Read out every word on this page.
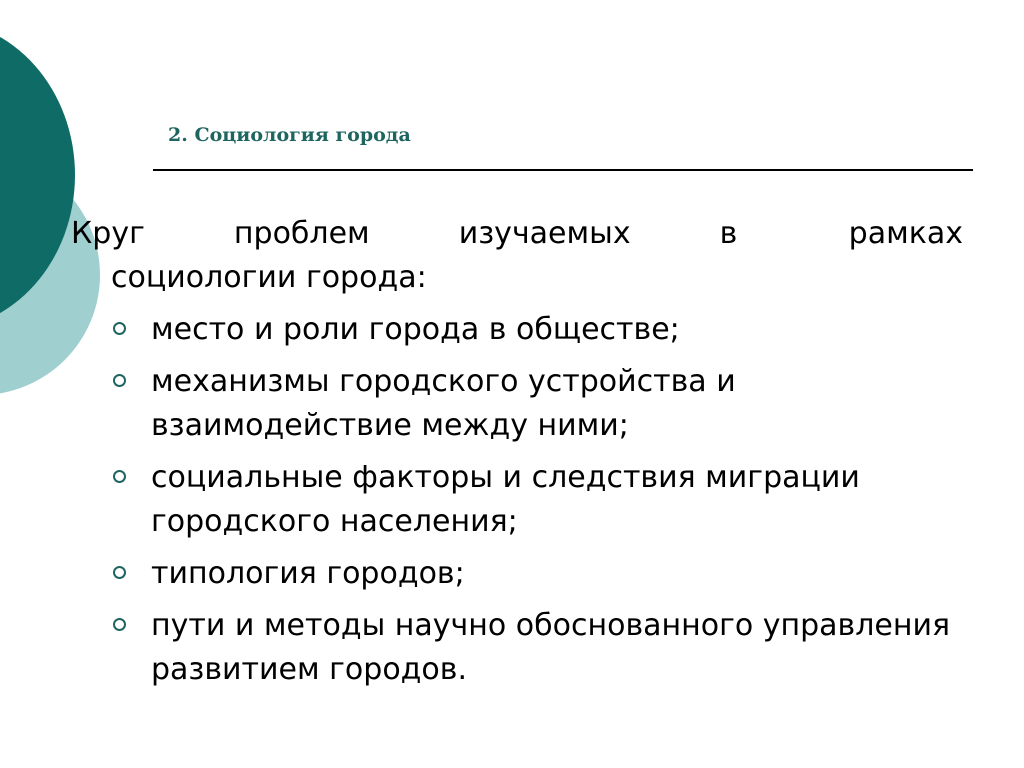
2. Социология города
Круг	проблем	изучаемых	в	рамках
социологии города:
место и роли города в обществе;
механизмы городского устройства и взаимодействие между ними;
социальные факторы и следствия миграции городского населения;
типология городов;
пути и методы научно обоснованного управления развитием городов.
